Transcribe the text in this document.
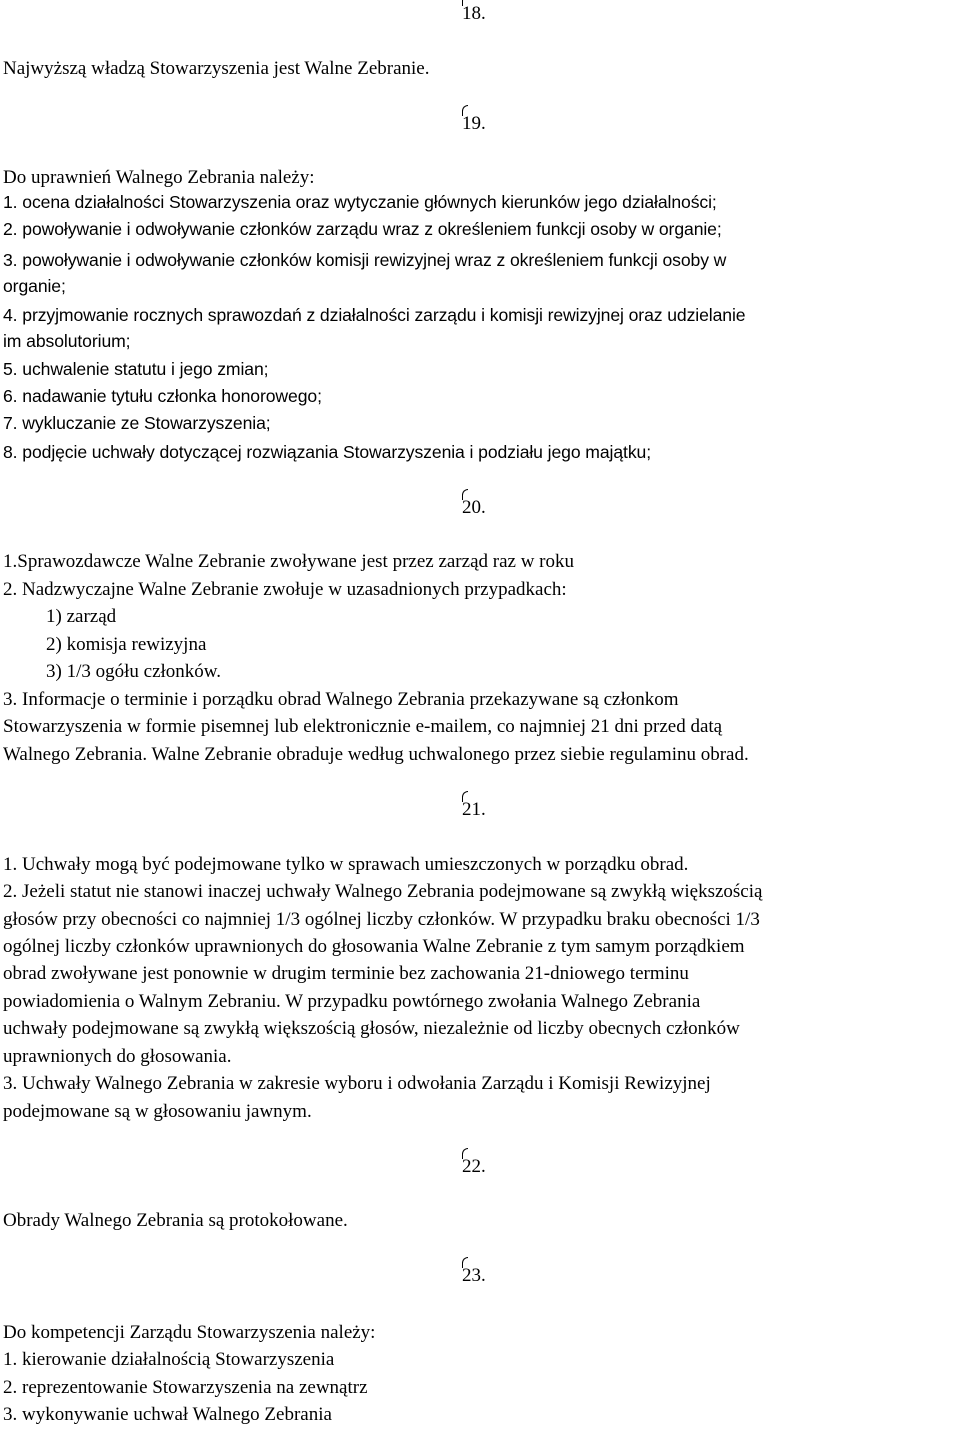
18.
Najwyższą władzą Stowarzyszenia jest Walne Zebranie.
19.
Do uprawnień Walnego Zebrania należy:
1. ocena działalności Stowarzyszenia oraz wytyczanie głównych kierunków jego działalności;
2. powoływanie i odwoływanie członków zarządu wraz z określeniem funkcji osoby w organie;
3. powoływanie i odwoływanie członków komisji rewizyjnej wraz z określeniem funkcji osoby w
organie;
4. przyjmowanie rocznych sprawozdań z działalności zarządu i komisji rewizyjnej oraz udzielanie
im absolutorium;
5. uchwalenie statutu i jego zmian;
6. nadawanie tytułu członka honorowego;
7. wykluczanie ze Stowarzyszenia;
8. podjęcie uchwały dotyczącej rozwiązania Stowarzyszenia i podziału jego majątku;
20.
1.Sprawozdawcze Walne Zebranie zwoływane jest przez zarząd raz w roku
2. Nadzwyczajne Walne Zebranie zwołuje w uzasadnionych przypadkach:
1) zarząd
2) komisja rewizyjna
3) 1/3 ogółu członków.
3. Informacje o terminie i porządku obrad Walnego Zebrania przekazywane są członkom
Stowarzyszenia w formie pisemnej lub elektronicznie e-mailem, co najmniej 21 dni przed datą
Walnego Zebrania. Walne Zebranie obraduje według uchwalonego przez siebie regulaminu obrad.
21.
1. Uchwały mogą być podejmowane tylko w sprawach umieszczonych w porządku obrad.
2. Jeżeli statut nie stanowi inaczej uchwały Walnego Zebrania podejmowane są zwykłą większością
głosów przy obecności co najmniej 1/3 ogólnej liczby członków. W przypadku braku obecności 1/3
ogólnej liczby członków uprawnionych do głosowania Walne Zebranie z tym samym porządkiem
obrad zwoływane jest ponownie w drugim terminie bez zachowania 21-dniowego terminu
powiadomienia o Walnym Zebraniu. W przypadku powtórnego zwołania Walnego Zebrania
uchwały podejmowane są zwykłą większością głosów, niezależnie od liczby obecnych członków
uprawnionych do głosowania.
3. Uchwały Walnego Zebrania w zakresie wyboru i odwołania Zarządu i Komisji Rewizyjnej
podejmowane są w głosowaniu jawnym.
22.
Obrady Walnego Zebrania są protokołowane.
23.
Do kompetencji Zarządu Stowarzyszenia należy:
1. kierowanie działalnością Stowarzyszenia
2. reprezentowanie Stowarzyszenia na zewnątrz
3. wykonywanie uchwał Walnego Zebrania
